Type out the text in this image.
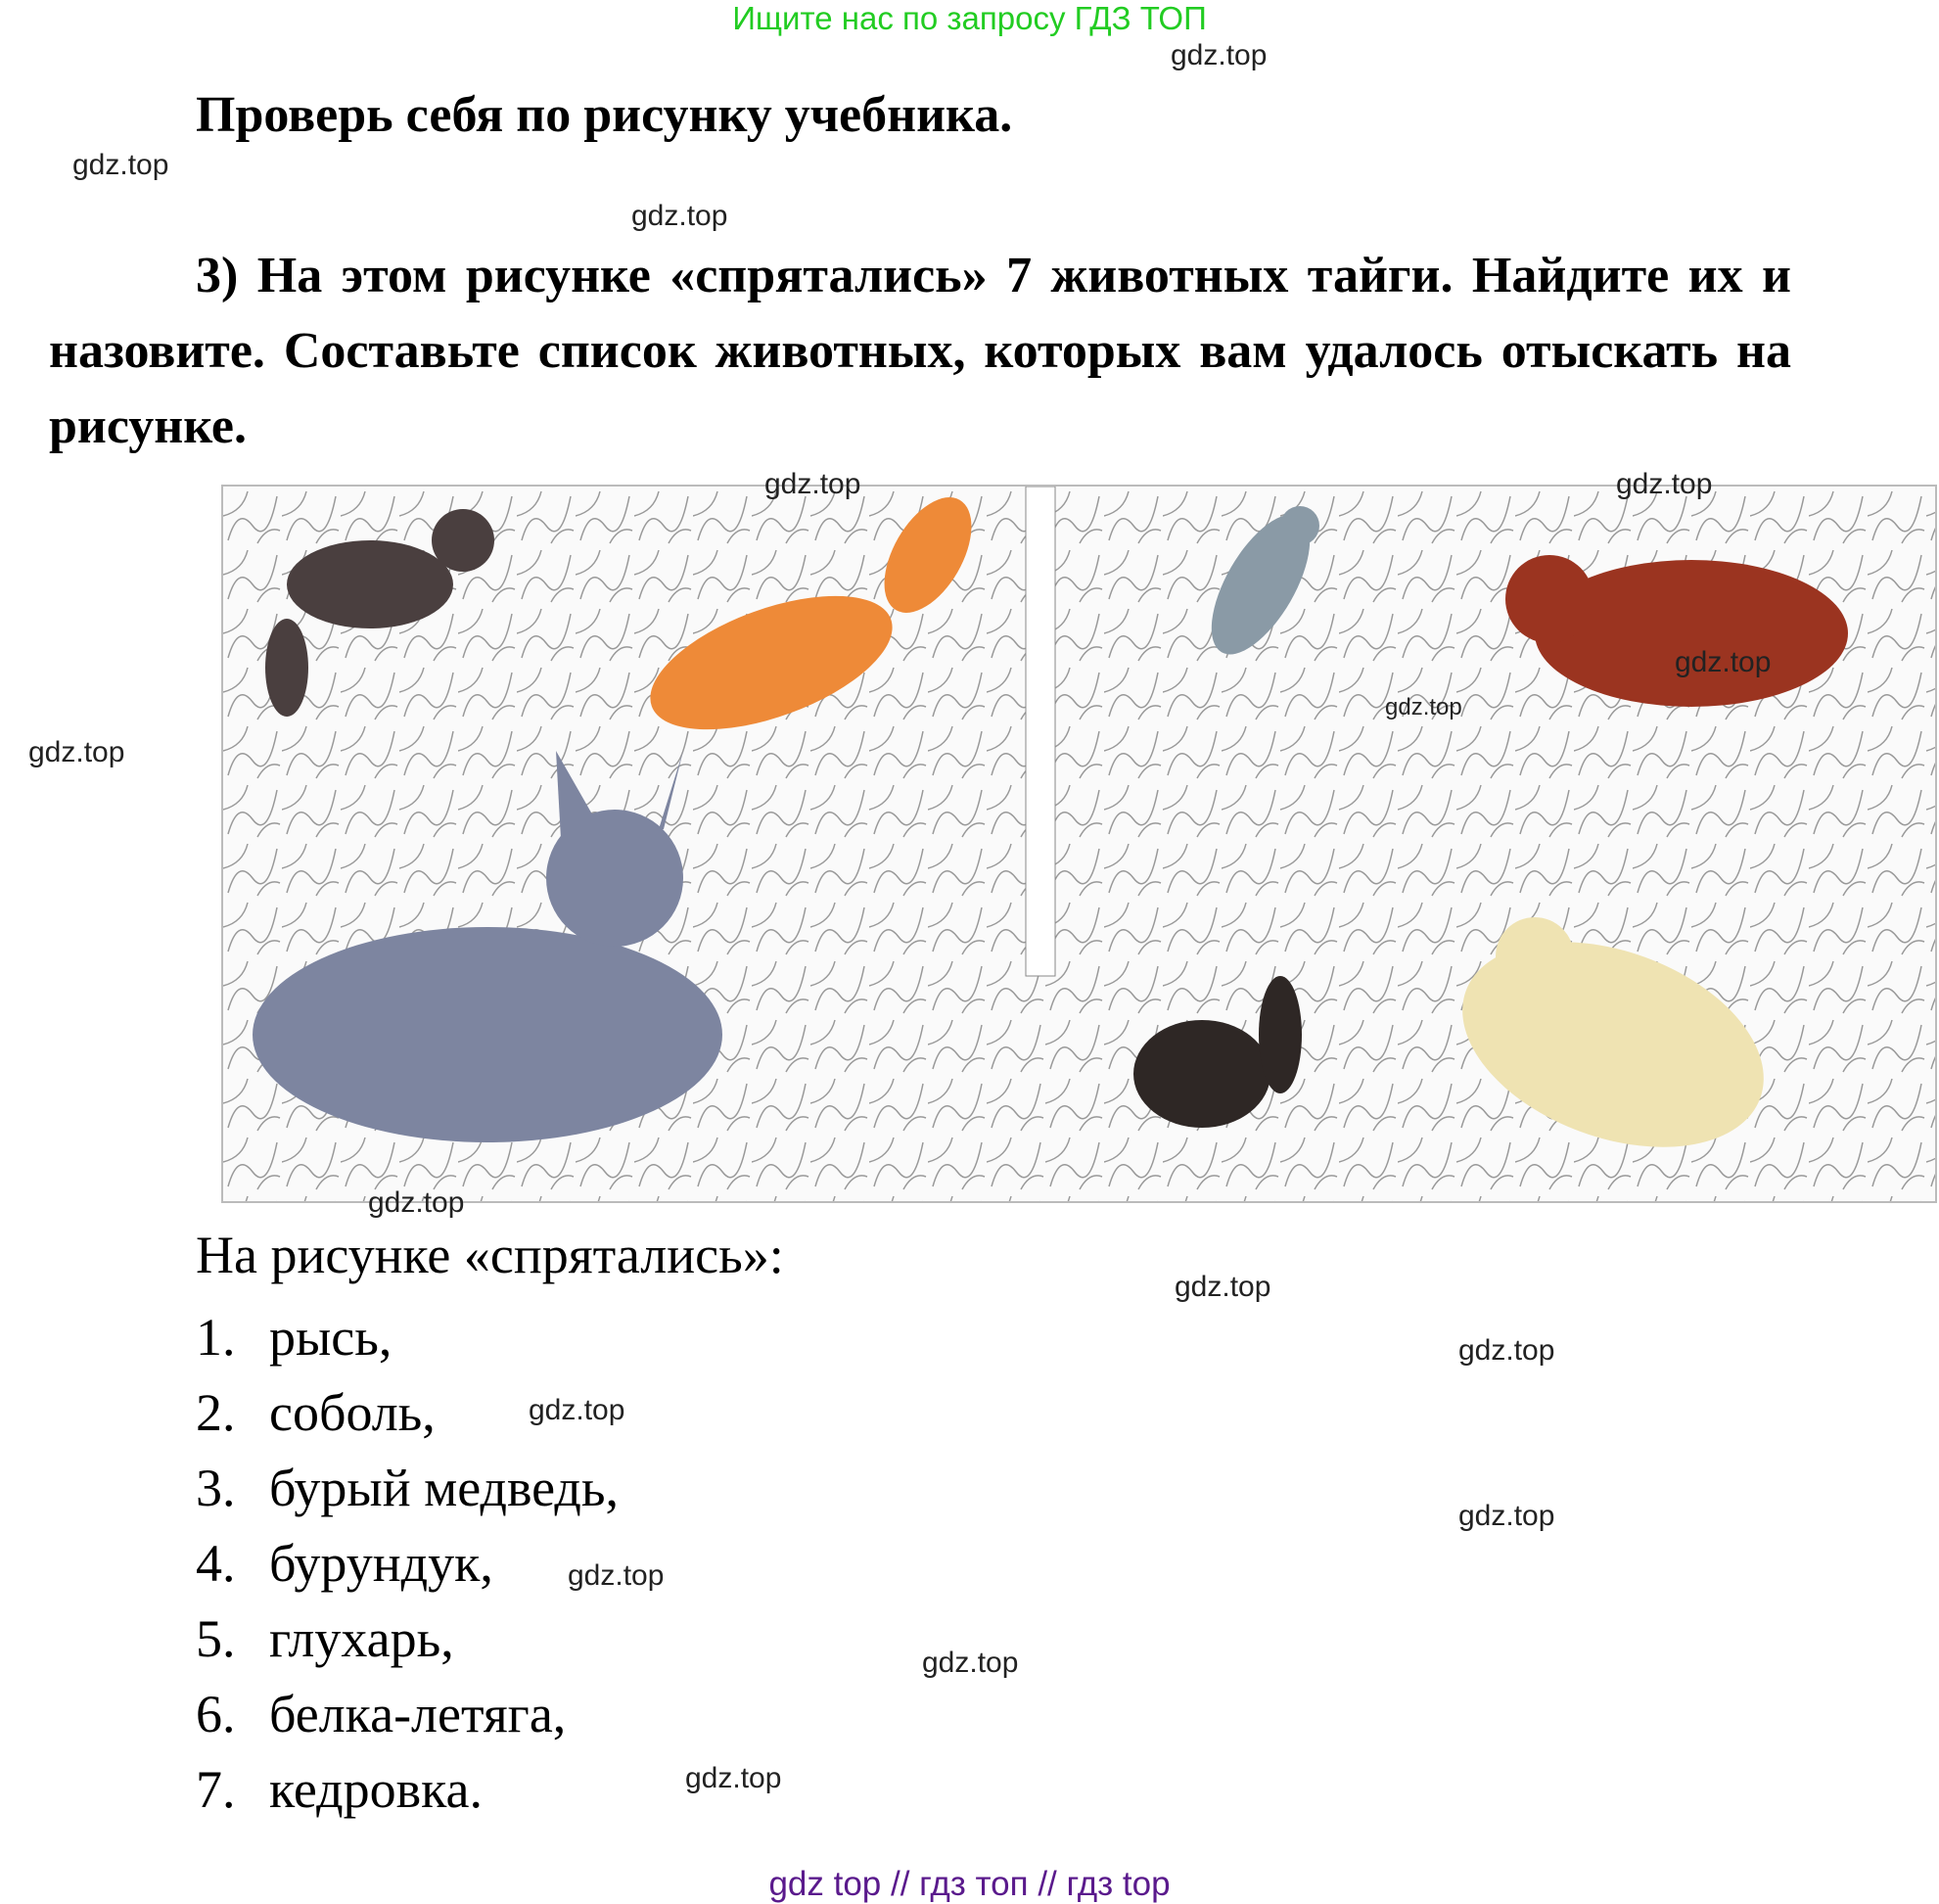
Ищите нас по запросу ГДЗ ТОП
Проверь себя по рисунку учебника.
3) На этом рисунке «спрятались» 7 животных тайги. Найдите их и назовите. Составьте список животных, которых вам удалось отыскать на рисунке.
На рисунке «спрятались»:
1. рысь,
2. соболь,
3. бурый медведь,
4. бурундук,
5. глухарь,
6. белка-летяга,
7. кедровка.
gdz.top
gdz.top
gdz.top
gdz.top
gdz.top
gdz.top
gdz.top
gdz.top
gdz.top
gdz.top
gdz.top
gdz.top
gdz.top
gdz.top
gdz.top
gdz.top
gdz top // гдз топ // гдз top
